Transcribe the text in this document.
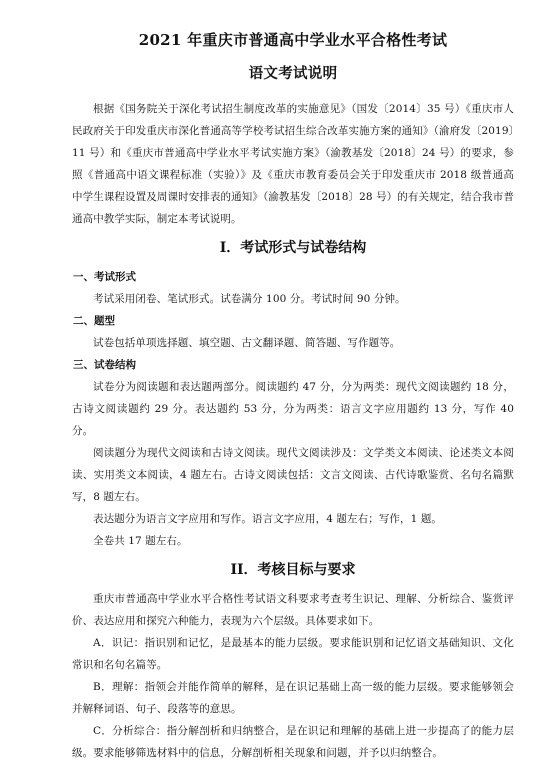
2021 年重庆市普通高中学业水平合格性考试
语文考试说明

根据《国务院关于深化考试招生制度改革的实施意见》（国发〔2014〕35 号）《重庆市人民政府关于印发重庆市深化普通高等学校考试招生综合改革实施方案的通知》（渝府发〔2019〕11 号）和《重庆市普通高中学业水平考试实施方案》（渝教基发〔2018〕24 号）的要求，参照《普通高中语文课程标准（实验）》及《重庆市教育委员会关于印发重庆市 2018 级普通高中学生课程设置及周课时安排表的通知》（渝教基发〔2018〕28 号）的有关规定，结合我市普通高中教学实际，制定本考试说明。

I．考试形式与试卷结构
一、考试形式

考试采用闭卷、笔试形式。试卷满分 100 分。考试时间 90 分钟。

二、题型

试卷包括单项选择题、填空题、古文翻译题、简答题、写作题等。

三、试卷结构

试卷分为阅读题和表达题两部分。阅读题约 47 分，分为两类：现代文阅读题约 18 分，古诗文阅读题约 29 分。表达题约 53 分，分为两类：语言文字应用题约 13 分，写作 40 分。

阅读题分为现代文阅读和古诗文阅读。现代文阅读涉及：文学类文本阅读、论述类文本阅读、实用类文本阅读，4 题左右。古诗文阅读包括：文言文阅读、古代诗歌鉴赏、名句名篇默写，8 题左右。

表达题分为语言文字应用和写作。语言文字应用，4 题左右；写作，1 题。

全卷共 17 题左右。

II．考核目标与要求

重庆市普通高中学业水平合格性考试语文科要求考查考生识记、理解、分析综合、鉴赏评价、表达应用和探究六种能力，表现为六个层级。具体要求如下。

A．识记：指识别和记忆，是最基本的能力层级。要求能识别和记忆语文基础知识、文化常识和名句名篇等。

B．理解：指领会并能作简单的解释，是在识记基础上高一级的能力层级。要求能够领会并解释词语、句子、段落等的意思。

C．分析综合：指分解剖析和归纳整合，是在识记和理解的基础上进一步提高了的能力层级。要求能够筛选材料中的信息，分解剖析相关现象和问题，并予以归纳整合。
